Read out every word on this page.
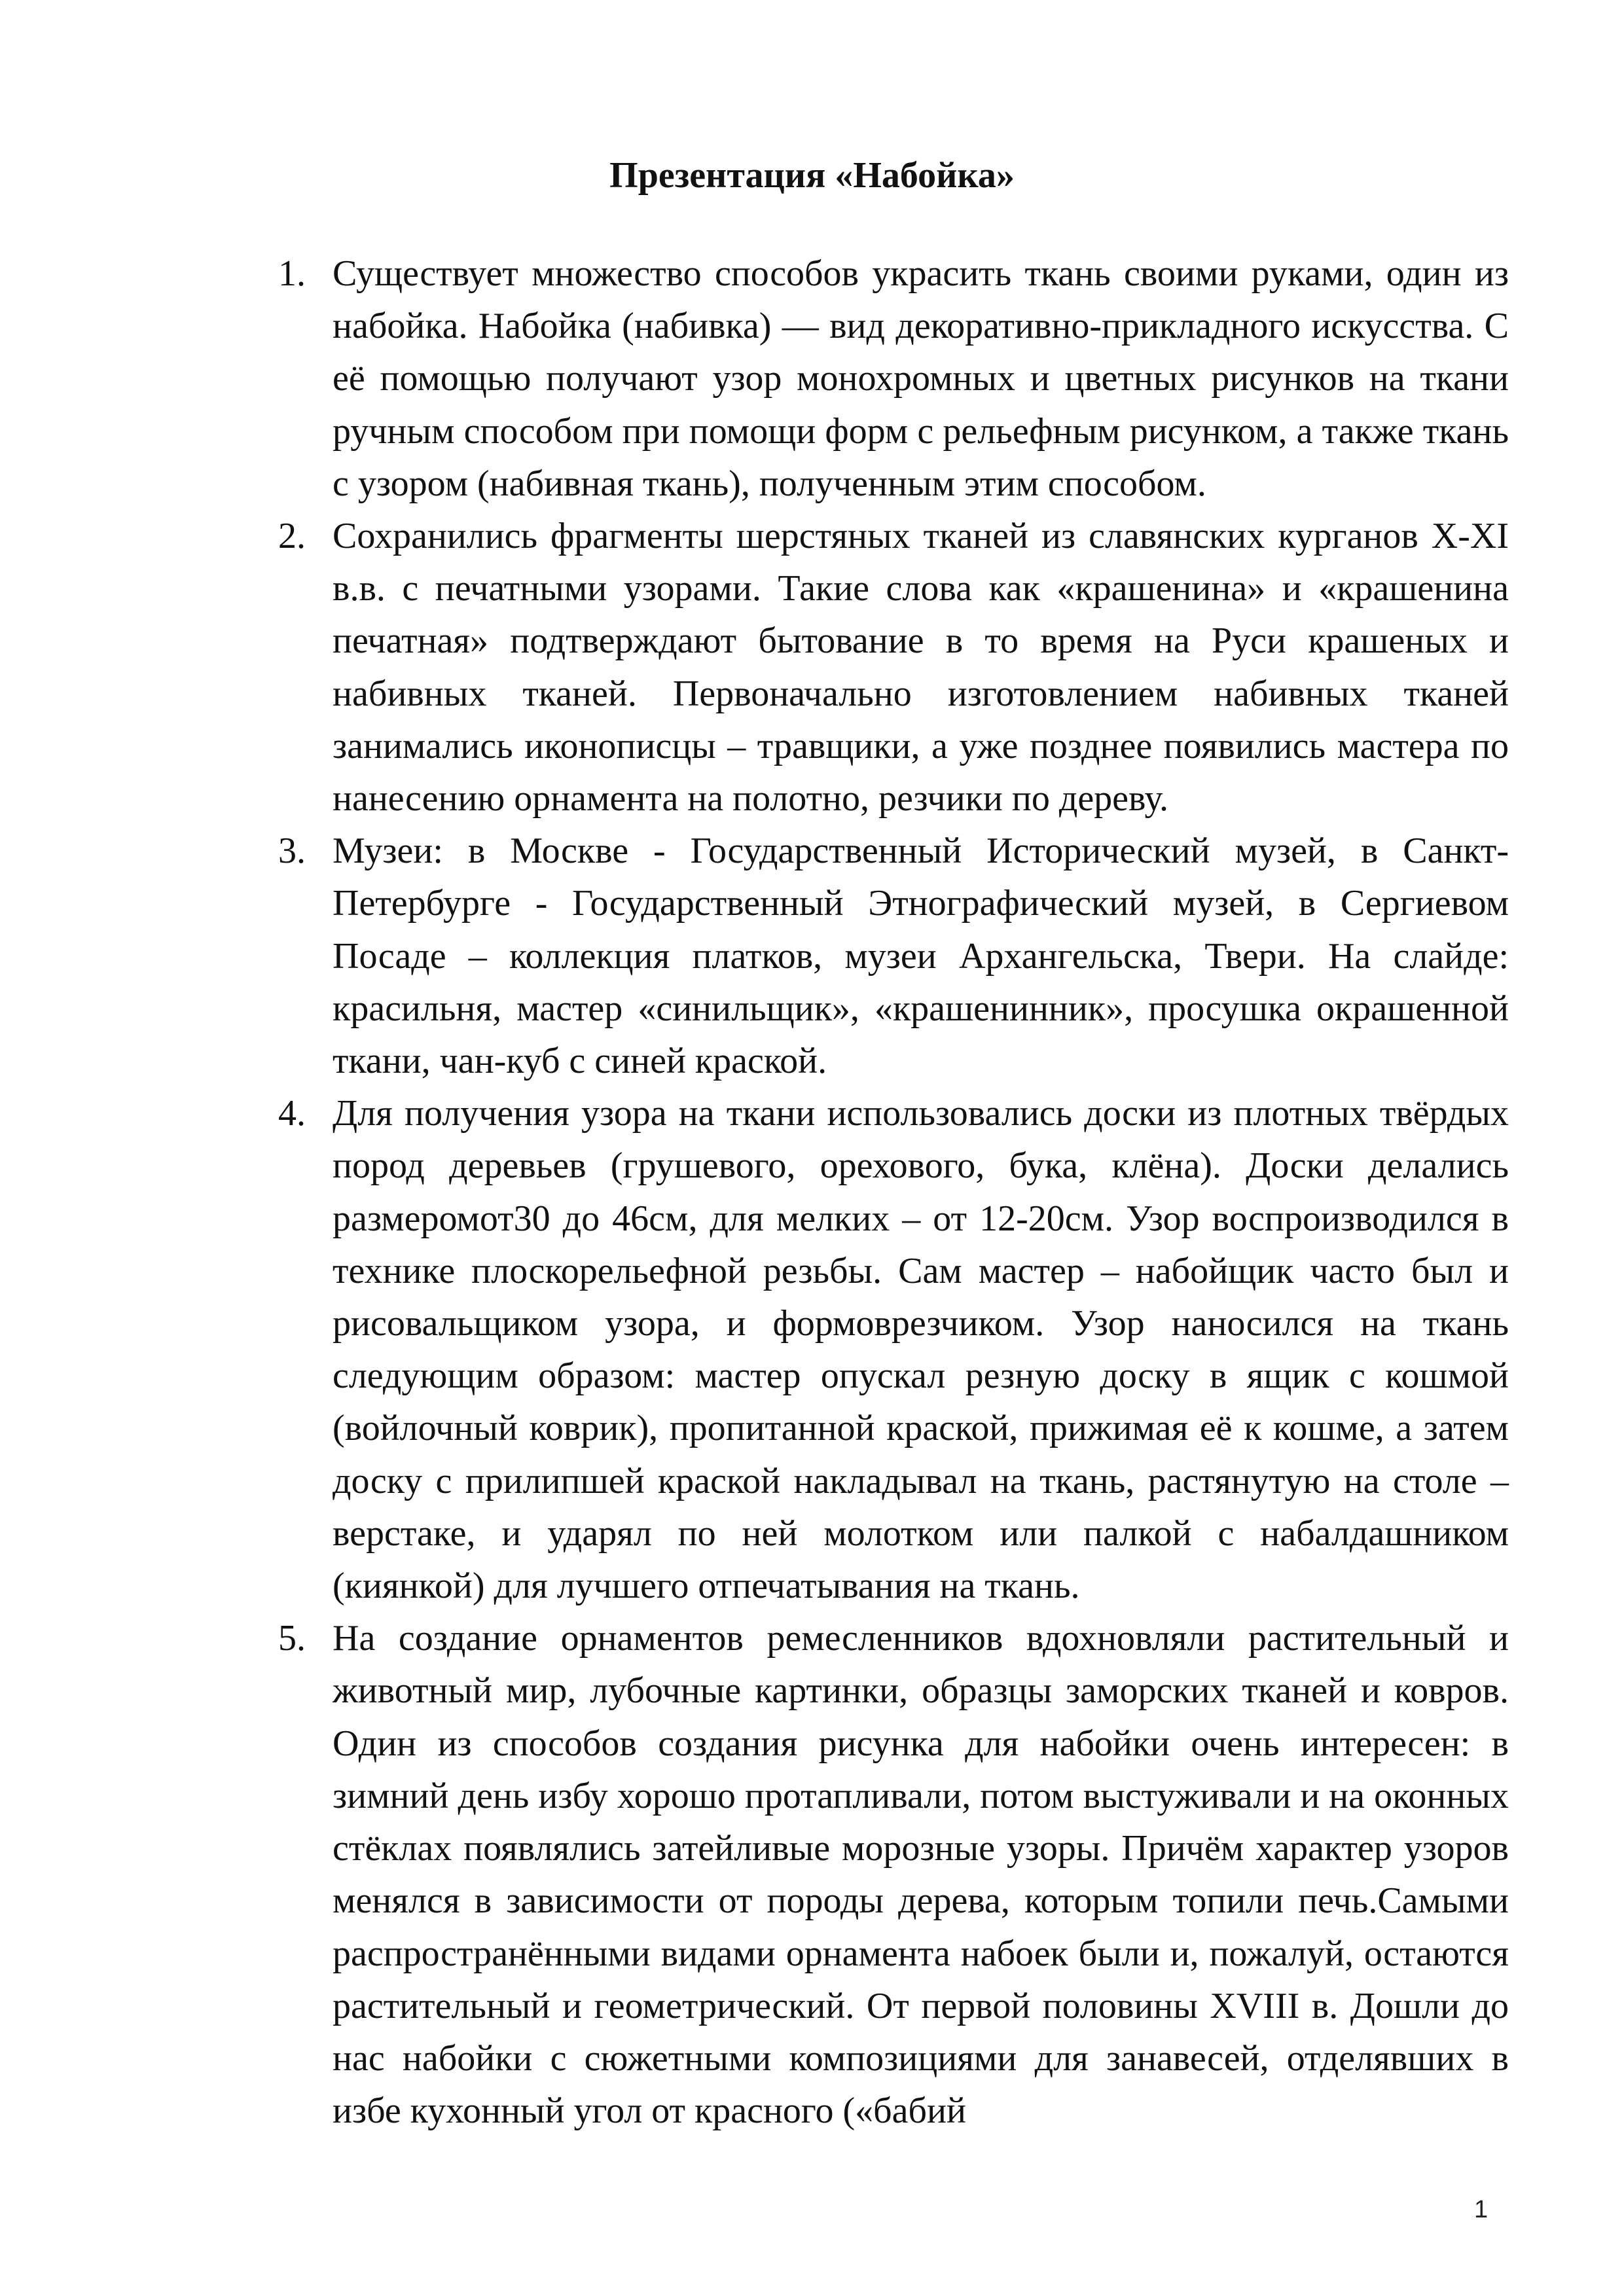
Презентация «Набойка»
1. Существует множество способов украсить ткань своими руками, один из набойка. Набойка (набивка) — вид декоративно-прикладного искусства. С её помощью получают узор монохромных и цветных рисунков на ткани ручным способом при помощи форм с рельефным рисунком, а также ткань с узором (набивная ткань), полученным этим способом.
2. Сохранились фрагменты шерстяных тканей из славянских курганов X-XI в.в. с печатными узорами. Такие слова как «крашенина» и «крашенина печатная» подтверждают бытование в то время на Руси крашеных и набивных тканей. Первоначально изготовлением набивных тканей занимались иконописцы – травщики, а уже позднее появились мастера по нанесению орнамента на полотно, резчики по дереву.
3. Музеи: в Москве - Государственный Исторический музей, в Санкт-Петербурге - Государственный Этнографический музей, в Сергиевом Посаде – коллекция платков, музеи Архангельска, Твери. На слайде: красильня, мастер «синильщик», «крашенинник», просушка окрашенной ткани, чан-куб с синей краской.
4. Для получения узора на ткани использовались доски из плотных твёрдых пород деревьев (грушевого, орехового, бука, клёна). Доски делались размеромот30 до 46см, для мелких – от 12-20см. Узор воспроизводился в технике плоскорельефной резьбы. Сам мастер – набойщик часто был и рисовальщиком узора, и формоврезчиком. Узор наносился на ткань следующим образом: мастер опускал резную доску в ящик с кошмой (войлочный коврик), пропитанной краской, прижимая её к кошме, а затем доску с прилипшей краской накладывал на ткань, растянутую на столе – верстаке, и ударял по ней молотком или палкой с набалдашником (киянкой) для лучшего отпечатывания на ткань.
5. На создание орнаментов ремесленников вдохновляли растительный и животный мир, лубочные картинки, образцы заморских тканей и ковров. Один из способов создания рисунка для набойки очень интересен: в зимний день избу хорошо протапливали, потом выстуживали и на оконных стёклах появлялись затейливые морозные узоры. Причём характер узоров менялся в зависимости от породы дерева, которым топили печь.Самыми распространёнными видами орнамента набоек были и, пожалуй, остаются растительный и геометрический. От первой половины XVIII в. Дошли до нас набойки с сюжетными композициями для занавесей, отделявших в избе кухонный угол от красного («бабий
1
